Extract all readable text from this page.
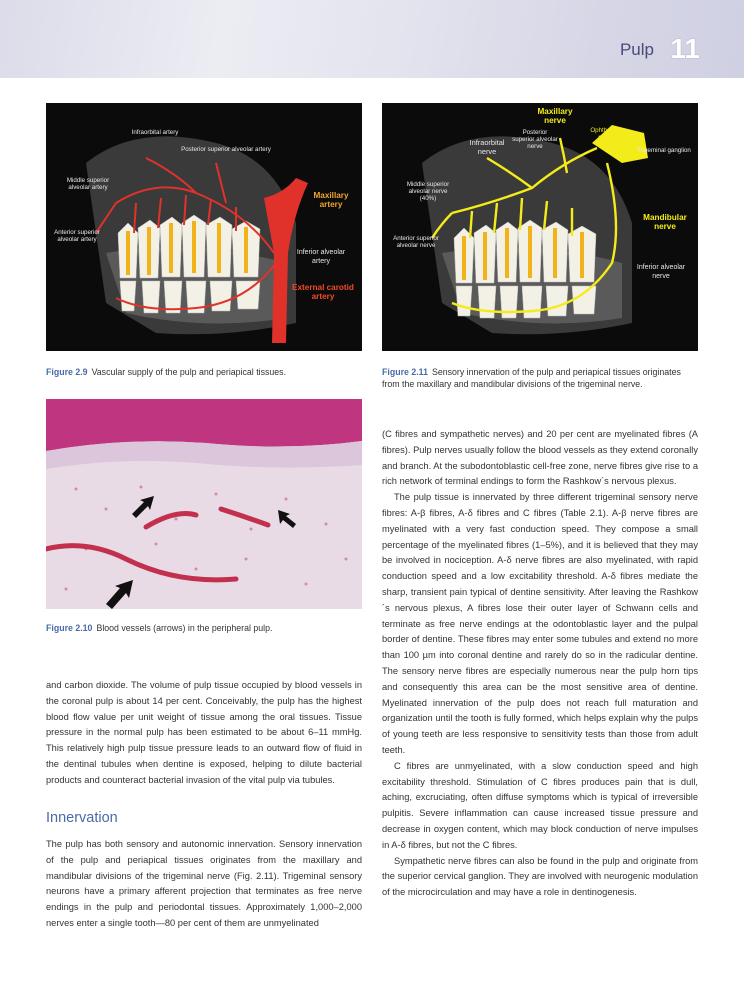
Pulp 11
Infraorbital artery
Posterior superior alveolar artery
Middle superior alveolar artery
Anterior superior alveolar artery
Maxillary artery
Inferior alveolar artery
External carotid artery
Figure 2.9 Vascular supply of the pulp and periapical tissues.
Maxillary nerve
Posterior superior alveolar nerve
Ophthalmic nerve
Infraorbital nerve	Trigeminal ganglion
Middle superior alveolar nerve (40%)
Anterior superior alveolar nerve
Mandibular nerve
Inferior alveolar nerve
Figure 2.11 Sensory innervation of the pulp and periapical tissues originates from the maxillary and mandibular divisions of the trigeminal nerve.
Figure 2.10 Blood vessels (arrows) in the peripheral pulp.

and carbon dioxide. The volume of pulp tissue occupied by blood vessels in the coronal pulp is about 14 per cent. Conceivably, the pulp has the highest blood flow value per unit weight of tissue among the oral tissues. Tissue pressure in the normal pulp has been estimated to be about 6–11 mmHg. This relatively high pulp tissue pressure leads to an outward flow of fluid in the dentinal tubules when dentine is exposed, helping to dilute bacterial products and counteract bacterial invasion of the vital pulp via tubules.

Innervation

The pulp has both sensory and autonomic innervation. Sensory innervation of the pulp and periapical tissues originates from the maxillary and mandibular divisions of the trigeminal nerve (Fig. 2.11). Trigeminal sensory neurons have a primary afferent projection that terminates as free nerve endings in the pulp and periodontal tissues. Approximately 1,000–2,000 nerves enter a single tooth—80 per cent of them are unmyelinated

(C fibres and sympathetic nerves) and 20 per cent are myelinated fibres (A fibres). Pulp nerves usually follow the blood vessels as they extend coronally and branch. At the subodontoblastic cell-free zone, nerve fibres give rise to a rich network of terminal endings to form the Rashkow´s nervous plexus.

The pulp tissue is innervated by three different trigeminal sensory nerve fibres: A-β fibres, A-δ fibres and C fibres (Table 2.1). A-β nerve fibres are myelinated with a very fast conduction speed. They compose a small percentage of the myelinated fibres (1–5%), and it is believed that they may be involved in nociception. A-δ nerve fibres are also myelinated, with rapid conduction speed and a low excitability threshold. A-δ fibres mediate the sharp, transient pain typical of dentine sensitivity. After leaving the Rashkow´s nervous plexus, A fibres lose their outer layer of Schwann cells and terminate as free nerve endings at the odontoblastic layer and the pulpal border of dentine. These fibres may enter some tubules and extend no more than 100 µm into coronal dentine and rarely do so in the radicular dentine. The sensory nerve fibres are especially numerous near the pulp horn tips and consequently this area can be the most sensitive area of dentine. Myelinated innervation of the pulp does not reach full maturation and organization until the tooth is fully formed, which helps explain why the pulps of young teeth are less responsive to sensitivity tests than those from adult teeth.

C fibres are unmyelinated, with a slow conduction speed and high excitability threshold. Stimulation of C fibres produces pain that is dull, aching, excruciating, often diffuse symptoms which is typical of irreversible pulpitis. Severe inflammation can cause increased tissue pressure and decrease in oxygen content, which may block conduction of nerve impulses in A-δ fibres, but not the C fibres.

Sympathetic nerve fibres can also be found in the pulp and originate from the superior cervical ganglion. They are involved with neurogenic modulation of the microcirculation and may have a role in dentinogenesis.
